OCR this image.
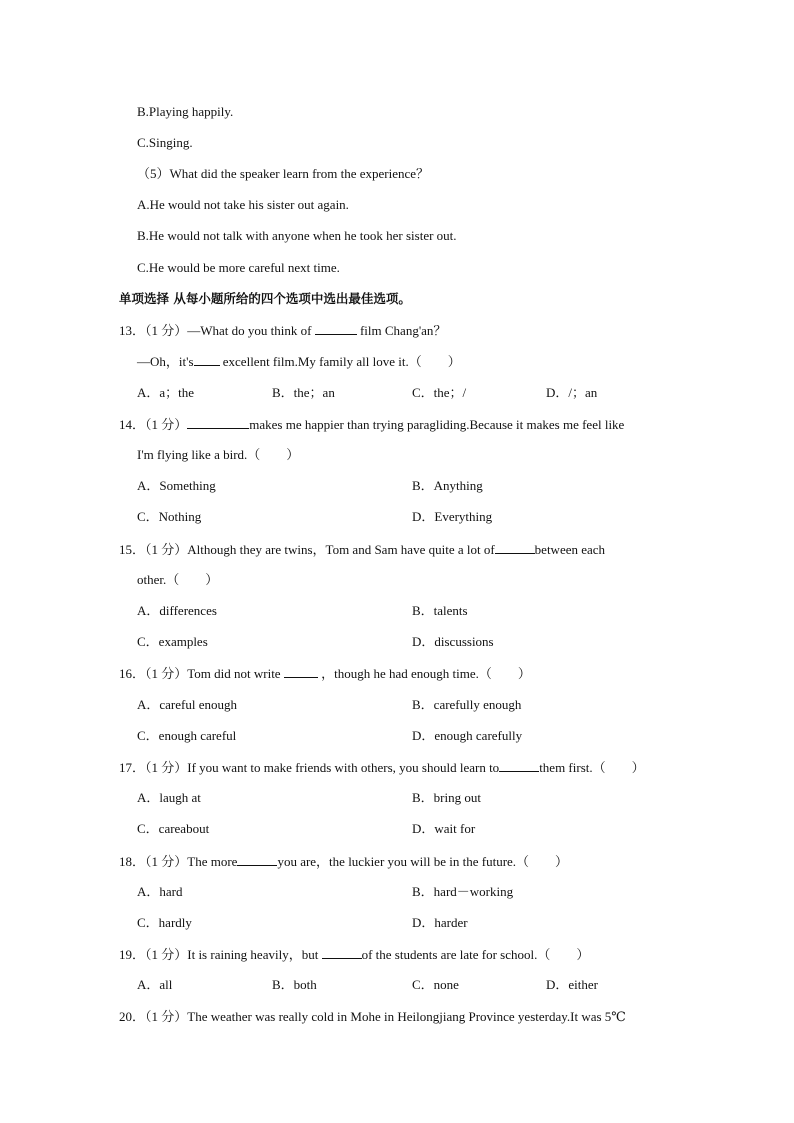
B.Playing happily.
C.Singing.
（5）What did the speaker learn from the experience？
A.He would not take his sister out again.
B.He would not talk with anyone when he took her sister out.
C.He would be more careful next time.
单项选择 从每小题所给的四个选项中选出最佳选项。
13．（1 分）—What do you think of	film Chang'an？
—Oh，it's excellent film.My family all love it.（　　）
A．a；the	B．the；an	C．the；/	D．/；an
14．（1 分）	makes me happier than trying paragliding.Because it makes me feel like
I'm flying like a bird.（　　）
A．Something	B．Anything
C．Nothing	D．Everything
15．（1 分）Although they are twins，Tom and Sam have quite a lot of	between each
other.（　　）
A．differences	B．talents
C．examples	D．discussions
16．（1 分）Tom did not write	，though he had enough time.（　　）
A．careful enough	B．carefully enough
C．enough careful	D．enough carefully
17．（1 分）If you want to make friends with others, you should learn to	them first.（　　）
A．laugh at	B．bring out
C．careabout	D．wait for
18．（1 分）The more	you are，the luckier you will be in the future.（　　）
A．hard	B．hard－working
C．hardly	D．harder
19．（1 分）It is raining heavily，but	of the students are late for school.（　　）
A．all	B．both	C．none	D．either
20．（1 分）The weather was really cold in Mohe in Heilongjiang Province yesterday.It was 5℃
